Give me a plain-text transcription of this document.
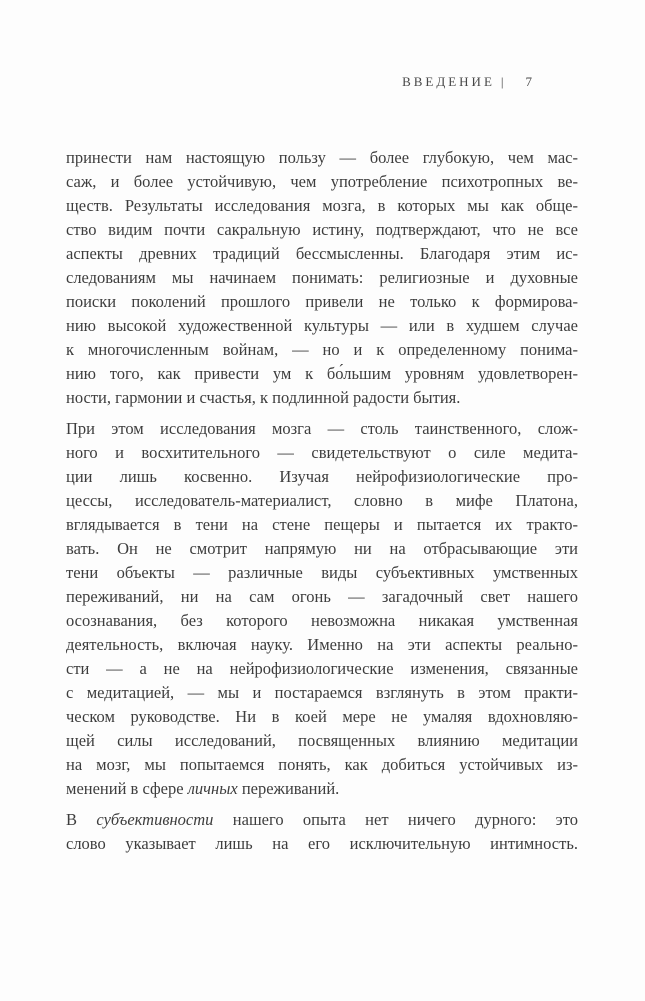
ВВЕДЕНИЕ | 7
принести нам настоящую пользу — более глубокую, чем мас-
саж, и более устойчивую, чем употребление психотропных ве-
ществ. Результаты исследования мозга, в которых мы как обще-
ство видим почти сакральную истину, подтверждают, что не все
аспекты древних традиций бессмысленны. Благодаря этим ис-
следованиям мы начинаем понимать: религиозные и духовные
поиски поколений прошлого привели не только к формирова-
нию высокой художественной культуры — или в худшем случае
к многочисленным войнам, — но и к определенному понима-
нию того, как привести ум к бо́льшим уровням удовлетворен-
ности, гармонии и счастья, к подлинной радости бытия.
При этом исследования мозга — столь таинственного, слож-
ного и восхитительного — свидетельствуют о силе медита-
ции лишь косвенно. Изучая нейрофизиологические про-
цессы, исследователь-материалист, словно в мифе Платона,
вглядывается в тени на стене пещеры и пытается их тракто-
вать. Он не смотрит напрямую ни на отбрасывающие эти
тени объекты — различные виды субъективных умственных
переживаний, ни на сам огонь — загадочный свет нашего
осознавания, без которого невозможна никакая умственная
деятельность, включая науку. Именно на эти аспекты реально-
сти — а не на нейрофизиологические изменения, связанные
с медитацией, — мы и постараемся взглянуть в этом практи-
ческом руководстве. Ни в коей мере не умаляя вдохновляю-
щей силы исследований, посвященных влиянию медитации
на мозг, мы попытаемся понять, как добиться устойчивых из-
менений в сфере личных переживаний.
В субъективности нашего опыта нет ничего дурного: это
слово указывает лишь на его исключительную интимность.
